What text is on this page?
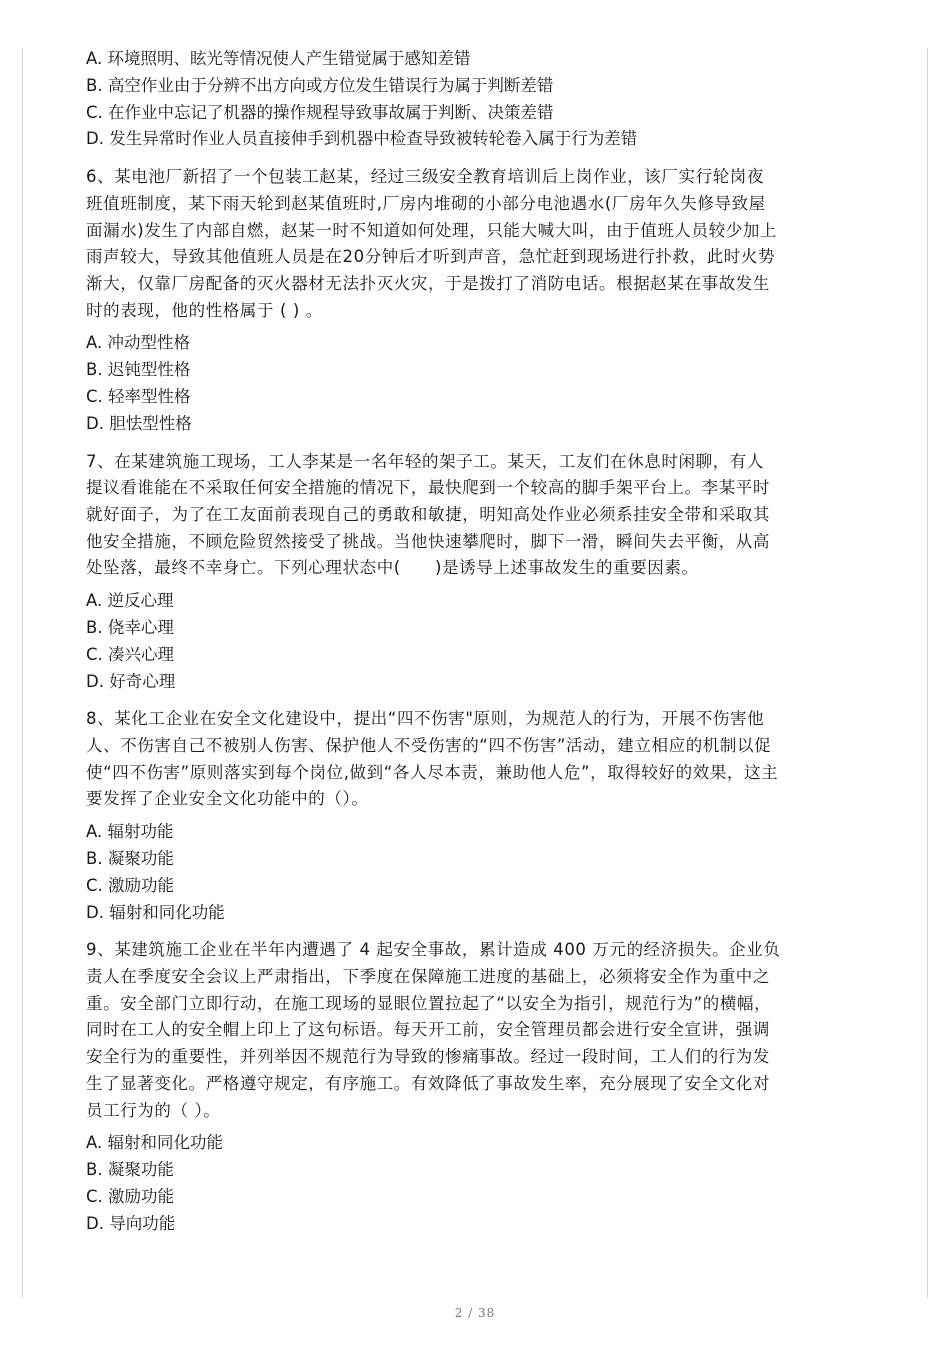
A. 环境照明、眩光等情况使人产生错觉属于感知差错
B. 高空作业由于分辨不出方向或方位发生错误行为属于判断差错
C. 在作业中忘记了机器的操作规程导致事故属于判断、决策差错
D. 发生异常时作业人员直接伸手到机器中检查导致被转轮卷入属于行为差错
6、某电池厂新招了一个包装工赵某，经过三级安全教育培训后上岗作业，该厂实行轮岗夜
班值班制度，某下雨天轮到赵某值班时,厂房内堆砌的小部分电池遇水(厂房年久失修导致屋
面漏水)发生了内部自燃，赵某一时不知道如何处理，只能大喊大叫，由于值班人员较少加上
雨声较大，导致其他值班人员是在20分钟后才听到声音，急忙赶到现场进行扑救，此时火势
渐大，仅靠厂房配备的灭火器材无法扑灭火灾，于是拨打了消防电话。根据赵某在事故发生
时的表现，他的性格属于 ( ) 。
A. 冲动型性格
B. 迟钝型性格
C. 轻率型性格
D. 胆怯型性格
7、在某建筑施工现场，工人李某是一名年轻的架子工。某天，工友们在休息时闲聊，有人
提议看谁能在不采取任何安全措施的情况下，最快爬到一个较高的脚手架平台上。李某平时
就好面子，为了在工友面前表现自己的勇敢和敏捷，明知高处作业必须系挂安全带和采取其
他安全措施，不顾危险贸然接受了挑战。当他快速攀爬时，脚下一滑，瞬间失去平衡，从高
处坠落，最终不幸身亡。下列心理状态中(　　)是诱导上述事故发生的重要因素。
A. 逆反心理
B. 侥幸心理
C. 凑兴心理
D. 好奇心理
8、某化工企业在安全文化建设中，提出“四不伤害"原则，为规范人的行为，开展不伤害他
人、不伤害自己不被别人伤害、保护他人不受伤害的“四不伤害”活动，建立相应的机制以促
使“四不伤害”原则落实到每个岗位,做到“各人尽本责，兼助他人危”，取得较好的效果，这主
要发挥了企业安全文化功能中的（）。
A. 辐射功能
B. 凝聚功能
C. 激励功能
D. 辐射和同化功能
9、某建筑施工企业在半年内遭遇了 4 起安全事故，累计造成 400 万元的经济损失。企业负
责人在季度安全会议上严肃指出，下季度在保障施工进度的基础上，必须将安全作为重中之
重。安全部门立即行动，在施工现场的显眼位置拉起了“以安全为指引，规范行为”的横幅，
同时在工人的安全帽上印上了这句标语。每天开工前，安全管理员都会进行安全宣讲，强调
安全行为的重要性，并列举因不规范行为导致的惨痛事故。经过一段时间，工人们的行为发
生了显著变化。严格遵守规定，有序施工。有效降低了事故发生率，充分展现了安全文化对
员工行为的（ ）。
A. 辐射和同化功能
B. 凝聚功能
C. 激励功能
D. 导向功能
2 / 38
